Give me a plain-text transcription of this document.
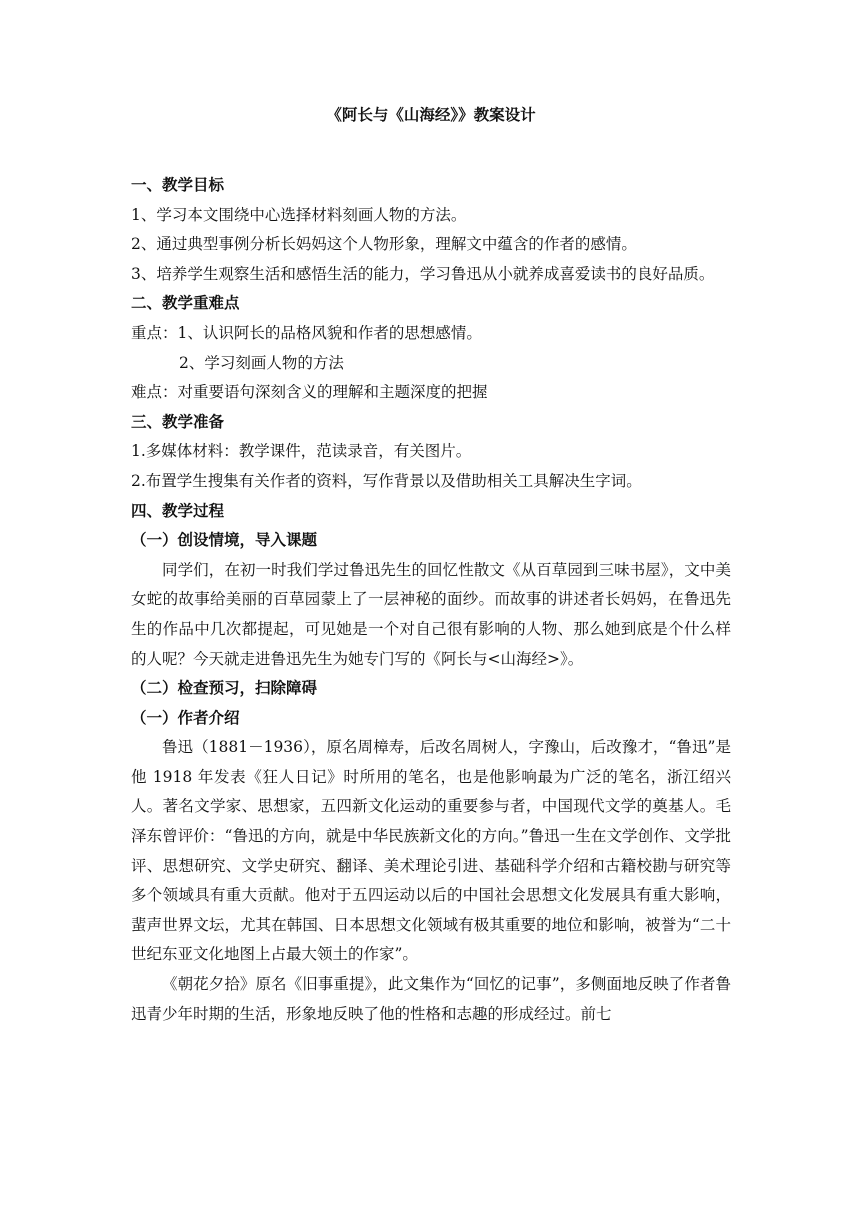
《阿长与《山海经》》教案设计

一、教学目标

1、学习本文围绕中心选择材料刻画人物的方法。

2、通过典型事例分析长妈妈这个人物形象，理解文中蕴含的作者的感情。

3、培养学生观察生活和感悟生活的能力，学习鲁迅从小就养成喜爱读书的良好品质。

二、教学重难点

重点：1、认识阿长的品格风貌和作者的思想感情。

2、学习刻画人物的方法

难点：对重要语句深刻含义的理解和主题深度的把握

三、教学准备

1.多媒体材料：教学课件，范读录音，有关图片。

2.布置学生搜集有关作者的资料，写作背景以及借助相关工具解决生字词。

四、教学过程

（一）创设情境，导入课题

同学们，在初一时我们学过鲁迅先生的回忆性散文《从百草园到三味书屋》，文中美女蛇的故事给美丽的百草园蒙上了一层神秘的面纱。而故事的讲述者长妈妈，在鲁迅先生的作品中几次都提起，可见她是一个对自己很有影响的人物、那么她到底是个什么样的人呢？今天就走进鲁迅先生为她专门写的《阿长与<山海经>》。

（二）检查预习，扫除障碍

（一）作者介绍

鲁迅（1881－1936），原名周樟寿，后改名周树人，字豫山，后改豫才，“鲁迅”是他 1918 年发表《狂人日记》时所用的笔名，也是他影响最为广泛的笔名，浙江绍兴人。著名文学家、思想家，五四新文化运动的重要参与者，中国现代文学的奠基人。毛泽东曾评价：“鲁迅的方向，就是中华民族新文化的方向。”鲁迅一生在文学创作、文学批评、思想研究、文学史研究、翻译、美术理论引进、基础科学介绍和古籍校勘与研究等多个领域具有重大贡献。他对于五四运动以后的中国社会思想文化发展具有重大影响，蜚声世界文坛，尤其在韩国、日本思想文化领域有极其重要的地位和影响，被誉为“二十世纪东亚文化地图上占最大领土的作家”。

《朝花夕拾》原名《旧事重提》，此文集作为“回忆的记事”，多侧面地反映了作者鲁迅青少年时期的生活，形象地反映了他的性格和志趣的形成经过。前七
